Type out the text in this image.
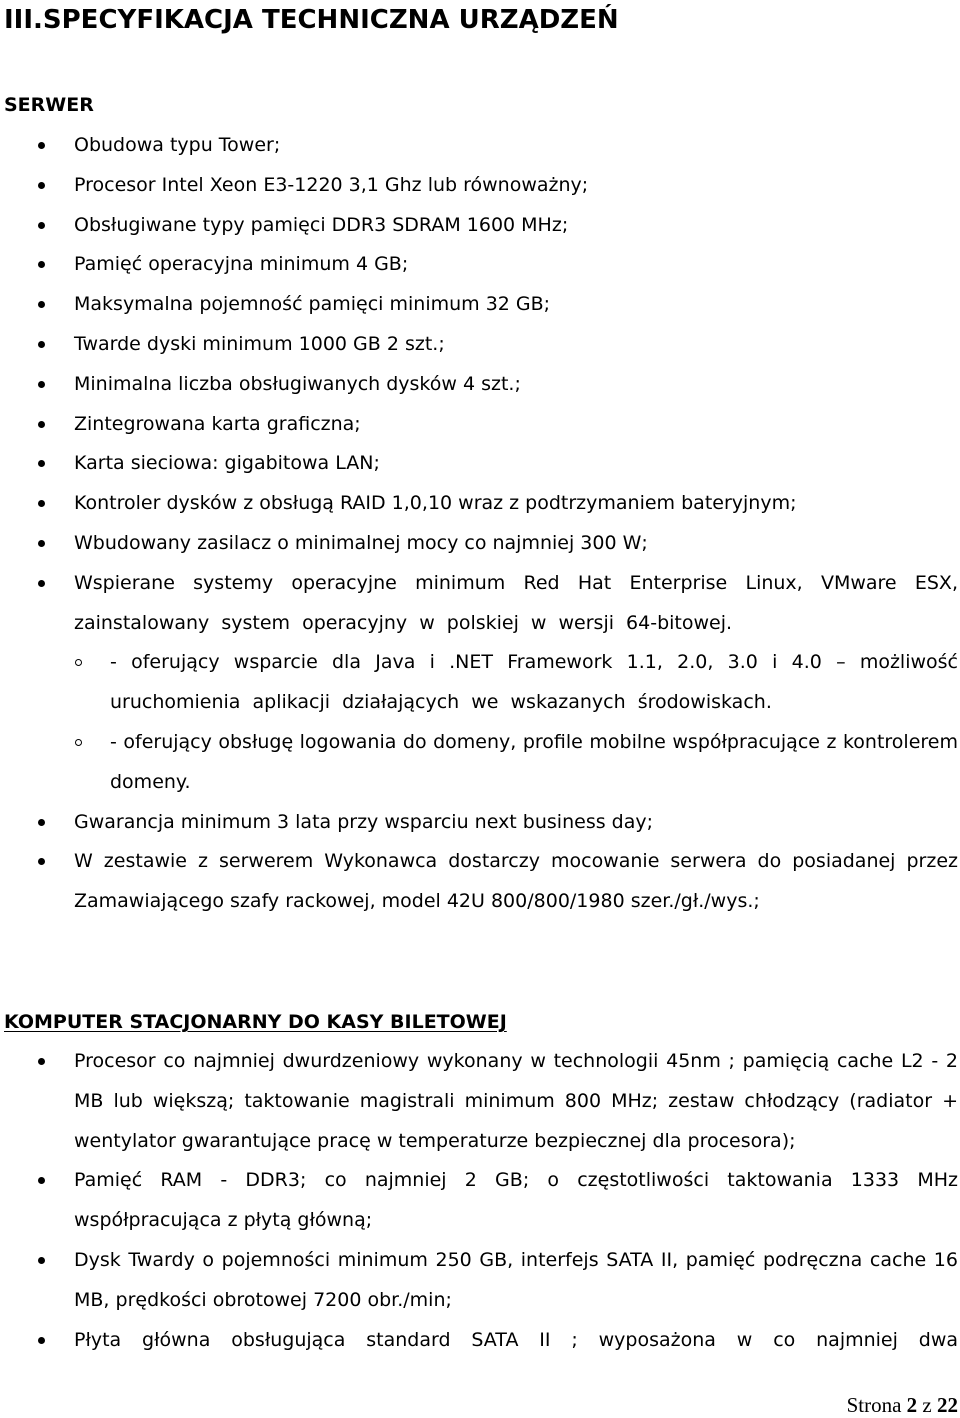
III.SPECYFIKACJA TECHNICZNA URZĄDZEŃ
SERWER
Obudowa typu Tower;
Procesor Intel Xeon E3-1220 3,1 Ghz lub równoważny;
Obsługiwane typy pamięci DDR3 SDRAM 1600 MHz;
Pamięć operacyjna minimum 4 GB;
Maksymalna pojemność pamięci minimum 32 GB;
Twarde dyski minimum 1000 GB 2 szt.;
Minimalna liczba obsługiwanych dysków 4 szt.;
Zintegrowana karta graficzna;
Karta sieciowa: gigabitowa LAN;
Kontroler dysków z obsługą RAID 1,0,10 wraz z podtrzymaniem bateryjnym;
Wbudowany zasilacz o minimalnej mocy co najmniej 300 W;
Wspierane systemy operacyjne minimum Red Hat Enterprise Linux, VMware ESX, zainstalowany system operacyjny w polskiej w wersji 64-bitowej.
- oferujący wsparcie dla Java i .NET Framework 1.1, 2.0, 3.0 i 4.0 – możliwość uruchomienia aplikacji działających we wskazanych środowiskach.
- oferujący obsługę logowania do domeny, profile mobilne współpracujące z kontrolerem domeny.
Gwarancja minimum 3 lata przy wsparciu next business day;
W zestawie z serwerem Wykonawca dostarczy mocowanie serwera do posiadanej przez Zamawiającego szafy rackowej, model 42U 800/800/1980 szer./gł./wys.;
KOMPUTER STACJONARNY DO KASY BILETOWEJ
Procesor co najmniej dwurdzeniowy wykonany w technologii 45nm ; pamięcią cache L2 - 2 MB lub większą; taktowanie magistrali minimum 800 MHz; zestaw chłodzący (radiator + wentylator gwarantujące pracę w temperaturze bezpiecznej dla procesora);
Pamięć RAM - DDR3; co najmniej 2 GB; o częstotliwości taktowania 1333 MHz współpracująca z płytą główną;
Dysk Twardy o pojemności minimum 250 GB, interfejs SATA II, pamięć podręczna cache 16 MB, prędkości obrotowej 7200 obr./min;
Płyta główna obsługująca standard SATA II ; wyposażona w co najmniej dwa
Strona 2 z 22
